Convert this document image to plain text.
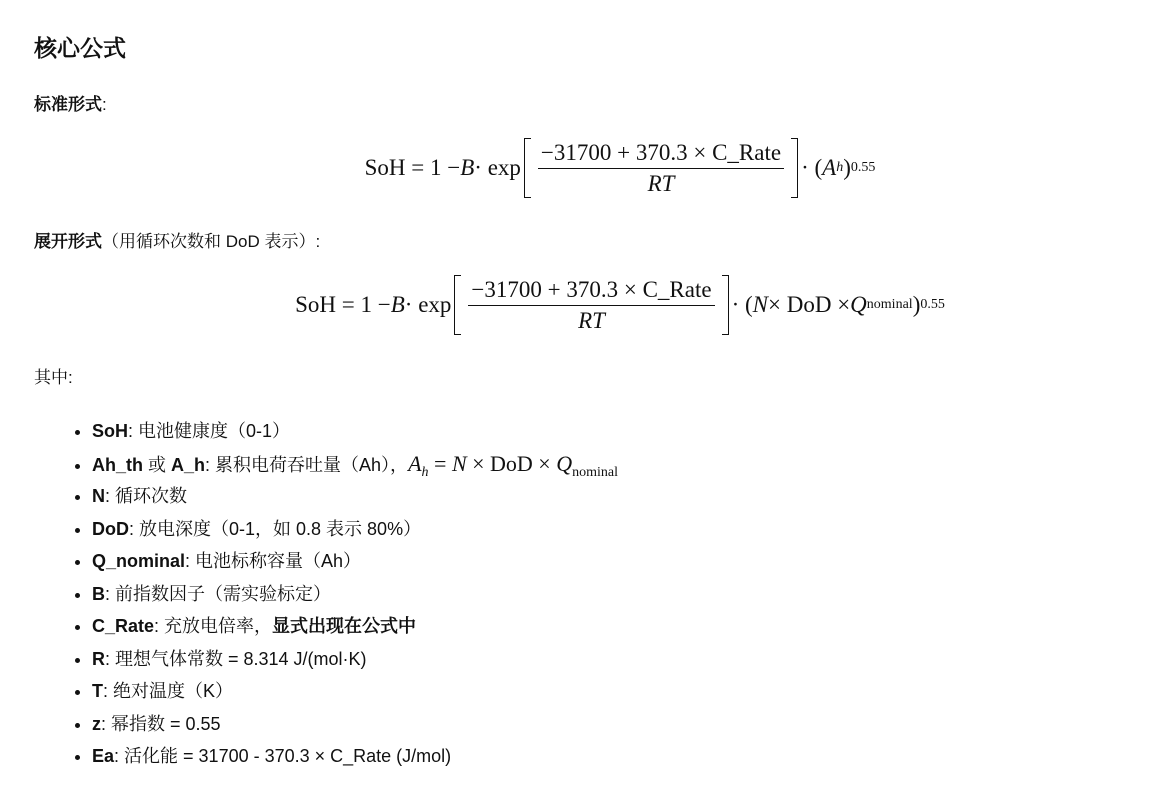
核心公式
标准形式:
SoH = $1 - B \cdot \exp \frac{\text{−31700 + 370.3 × C\_Rate}}{RT}$ · ( A h ) 0.55
展开形式（用循环次数和 DoD 表示）:
SoH = $1 - B \cdot \exp \frac{\text{−31700 + 370.3 × C\_Rate}}{RT}$ · ( N × DoD × Q nominal ) 0.55
其中:
• SoH: 电池健康度（0-1）
• Ah_th 或 A_h: 累积电荷吞吐量（Ah），$A_h = N$ × DoD × $Q_{nominal}$
• N: 循环次数
• DoD: 放电深度（0-1，如 0.8 表示 80%）
• Q_nominal: 电池标称容量（Ah）
• B: 前指数因子（需实验标定）
• C_Rate: 充放电倍率，显式出现在公式中
• R: 理想气体常数 = 8.314 J/(mol·K)
• T: 绝对温度（K）
• z: 幂指数 = 0.55
• Ea: 活化能 = 31700 - 370.3 × C_Rate (J/mol)
